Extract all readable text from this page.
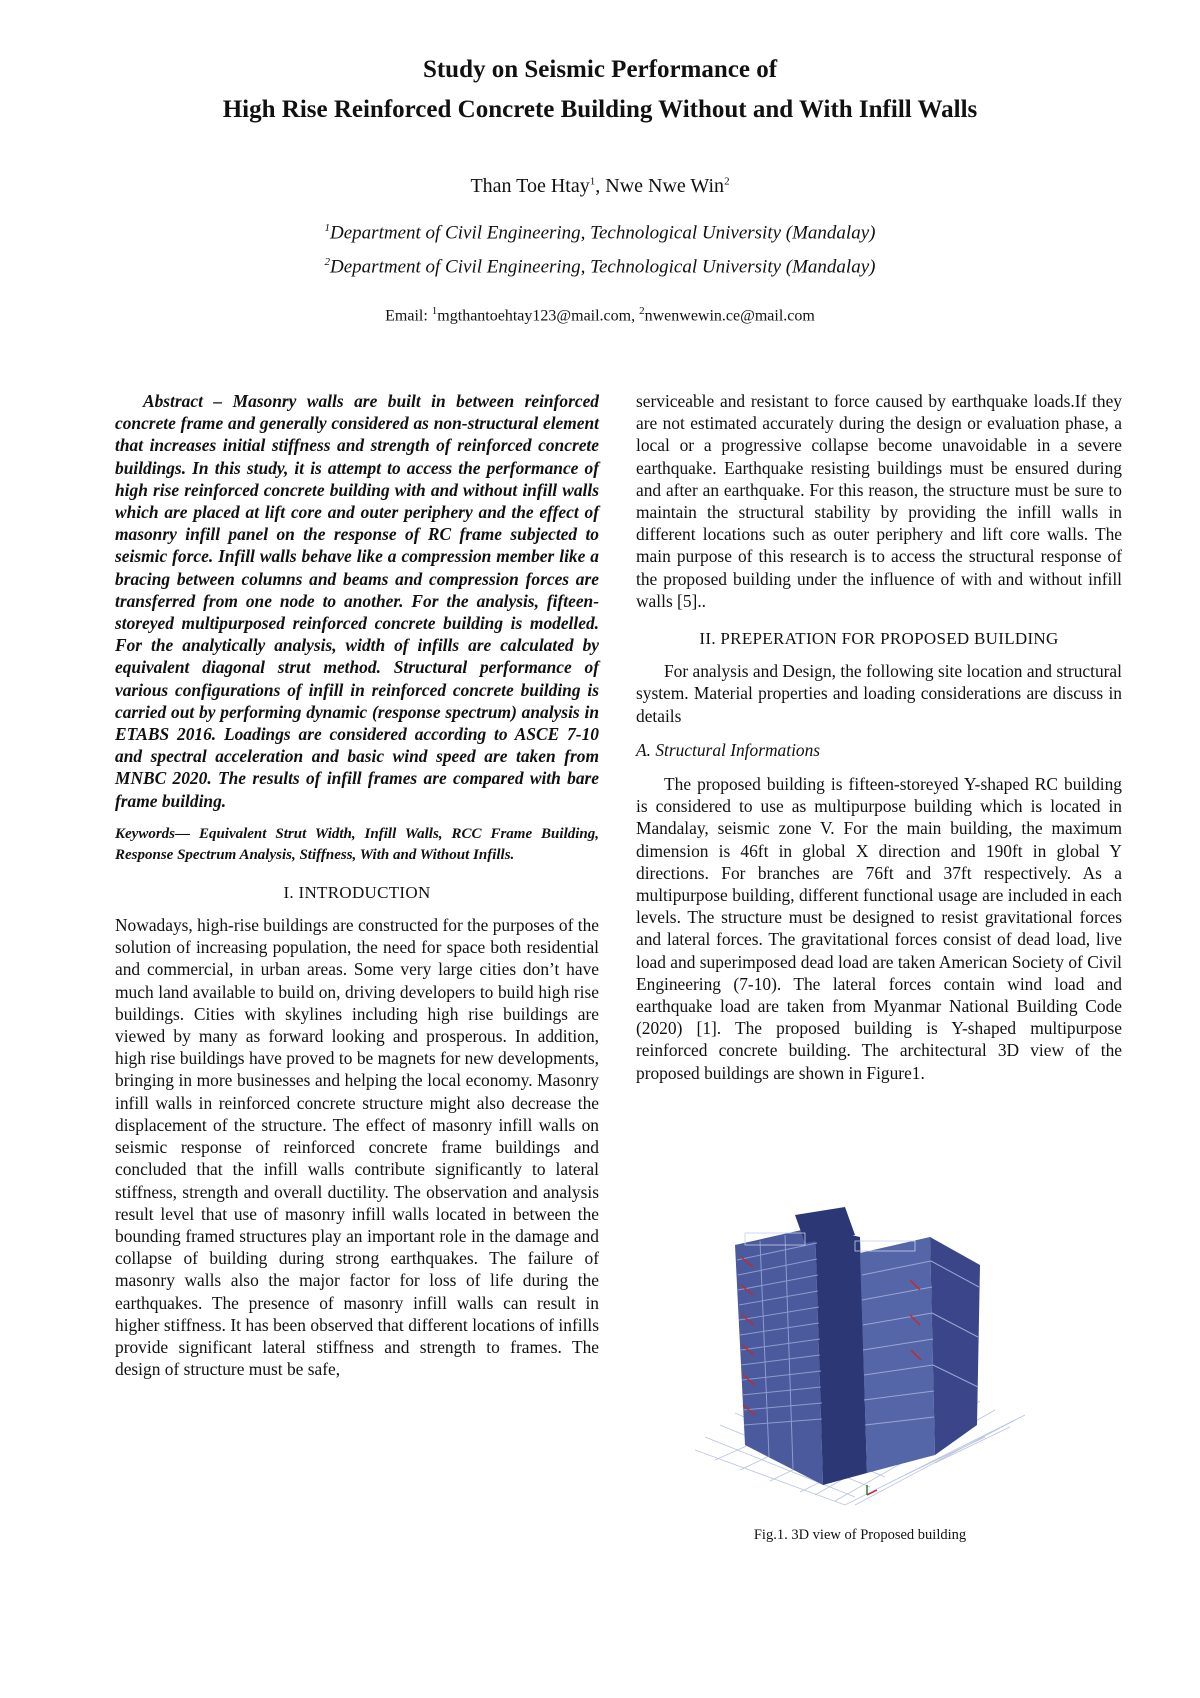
Study on Seismic Performance of
High Rise Reinforced Concrete Building Without and With Infill Walls
Than Toe Htay$^1$, Nwe Nwe Win$^2$
$^1$Department of Civil Engineering, Technological University (Mandalay)
$^2$Department of Civil Engineering, Technological University (Mandalay)
Email: $^1$mgthantoehtay123@mail.com, $^2$nwenwewin.ce@mail.com

Abstract – Masonry walls are built in between reinforced concrete frame and generally considered as non-structural element that increases initial stiffness and strength of reinforced concrete buildings. In this study, it is attempt to access the performance of high rise reinforced concrete building with and without infill walls which are placed at lift core and outer periphery and the effect of masonry infill panel on the response of RC frame subjected to seismic force. Infill walls behave like a compression member like a bracing between columns and beams and compression forces are transferred from one node to another. For the analysis, fifteen-storeyed multipurposed reinforced concrete building is modelled. For the analytically analysis, width of infills are calculated by equivalent diagonal strut method. Structural performance of various configurations of infill in reinforced concrete building is carried out by performing dynamic (response spectrum) analysis in ETABS 2016. Loadings are considered according to ASCE 7-10 and spectral acceleration and basic wind speed are taken from MNBC 2020. The results of infill frames are compared with bare frame building.

Keywords— Equivalent Strut Width, Infill Walls, RCC Frame Building, Response Spectrum Analysis, Stiffness, With and Without Infills.

I. INTRODUCTION

Nowadays, high-rise buildings are constructed for the purposes of the solution of increasing population, the need for space both residential and commercial, in urban areas. Some very large cities don’t have much land available to build on, driving developers to build high rise buildings. Cities with skylines including high rise buildings are viewed by many as forward looking and prosperous. In addition, high rise buildings have proved to be magnets for new developments, bringing in more businesses and helping the local economy. Masonry infill walls in reinforced concrete structure might also decrease the displacement of the structure. The effect of masonry infill walls on seismic response of reinforced concrete frame buildings and concluded that the infill walls contribute significantly to lateral stiffness, strength and overall ductility. The observation and analysis result level that use of masonry infill walls located in between the bounding framed structures play an important role in the damage and collapse of building during strong earthquakes. The failure of masonry walls also the major factor for loss of life during the earthquakes. The presence of masonry infill walls can result in higher stiffness. It has been observed that different locations of infills provide significant lateral stiffness and strength to frames. The design of structure must be safe,

serviceable and resistant to force caused by earthquake loads.If they are not estimated accurately during the design or evaluation phase, a local or a progressive collapse become unavoidable in a severe earthquake. Earthquake resisting buildings must be ensured during and after an earthquake. For this reason, the structure must be sure to maintain the structural stability by providing the infill walls in different locations such as outer periphery and lift core walls. The main purpose of this research is to access the structural response of the proposed building under the influence of with and without infill walls [5]..

II. PREPERATION FOR PROPOSED BUILDING

For analysis and Design, the following site location and structural system. Material properties and loading considerations are discuss in details

A. Structural Informations

The proposed building is fifteen-storeyed Y-shaped RC building is considered to use as multipurpose building which is located in Mandalay, seismic zone V. For the main building, the maximum dimension is 46ft in global X direction and 190ft in global Y directions. For branches are 76ft and 37ft respectively. As a multipurpose building, different functional usage are included in each levels. The structure must be designed to resist gravitational forces and lateral forces. The gravitational forces consist of dead load, live load and superimposed dead load are taken American Society of Civil Engineering (7-10). The lateral forces contain wind load and earthquake load are taken from Myanmar National Building Code (2020) [1]. The proposed building is Y-shaped multipurpose reinforced concrete building. The architectural 3D view of the proposed buildings are shown in Figure1.

Fig.1. 3D view of Proposed building
